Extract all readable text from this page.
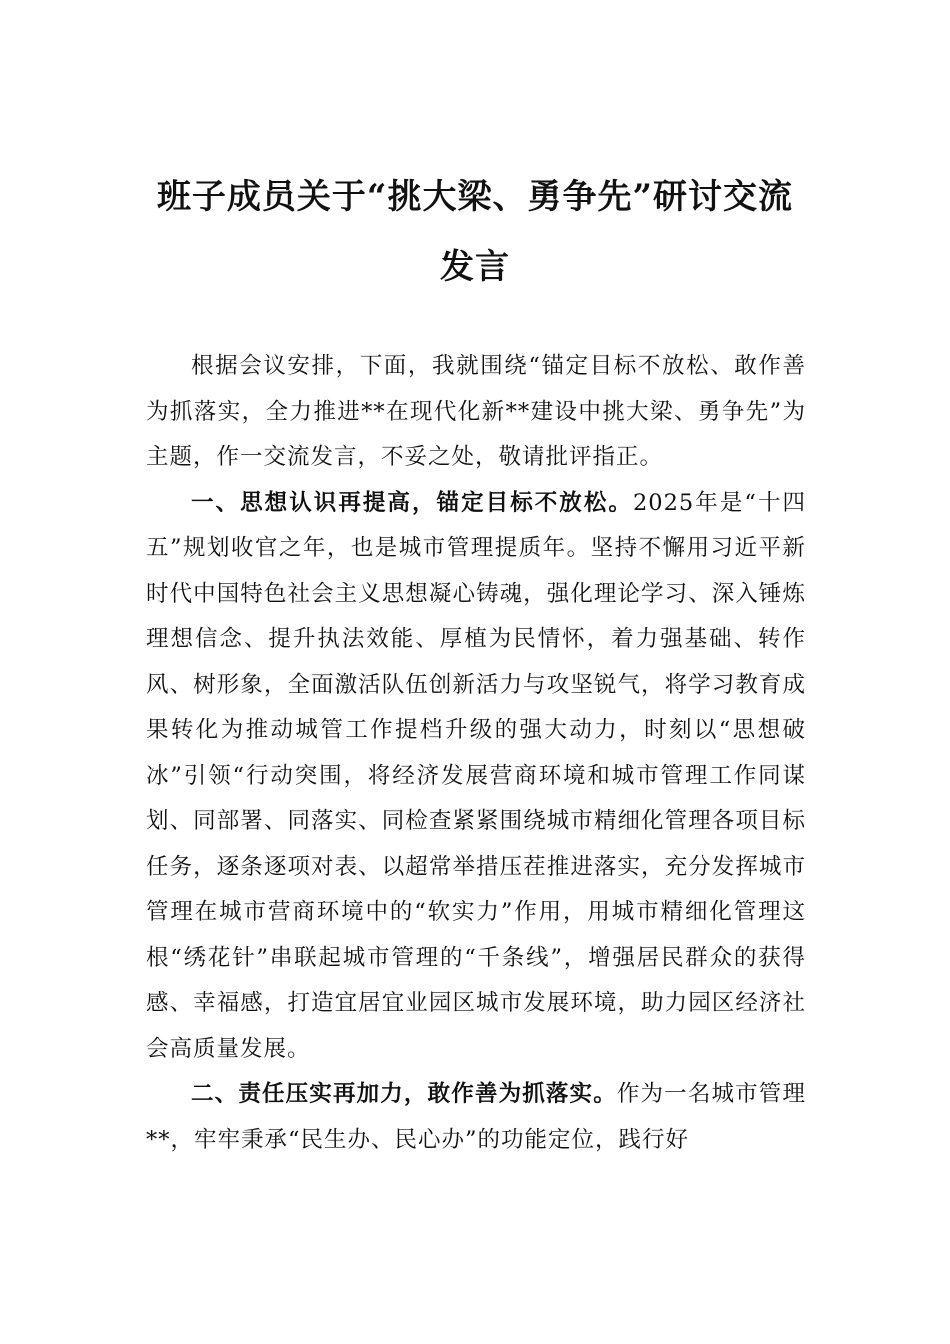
班子成员关于“挑大梁、勇争先”研讨交流发言

根据会议安排，下面，我就围绕“锚定目标不放松、敢作善为抓落实，全力推进**在现代化新**建设中挑大梁、勇争先”为主题，作一交流发言，不妥之处，敬请批评指正。

一、思想认识再提高，锚定目标不放松。2025年是“十四五”规划收官之年，也是城市管理提质年。坚持不懈用习近平新时代中国特色社会主义思想凝心铸魂，强化理论学习、深入锤炼理想信念、提升执法效能、厚植为民情怀，着力强基础、转作风、树形象，全面激活队伍创新活力与攻坚锐气，将学习教育成果转化为推动城管工作提档升级的强大动力，时刻以“思想破冰”引领“行动突围，将经济发展营商环境和城市管理工作同谋划、同部署、同落实、同检查紧紧围绕城市精细化管理各项目标任务，逐条逐项对表、以超常举措压茬推进落实，充分发挥城市管理在城市营商环境中的“软实力”作用，用城市精细化管理这根“绣花针”串联起城市管理的“千条线”，增强居民群众的获得感、幸福感，打造宜居宜业园区城市发展环境，助力园区经济社会高质量发展。

二、责任压实再加力，敢作善为抓落实。作为一名城市管理**，牢牢秉承“民生办、民心办”的功能定位，践行好
